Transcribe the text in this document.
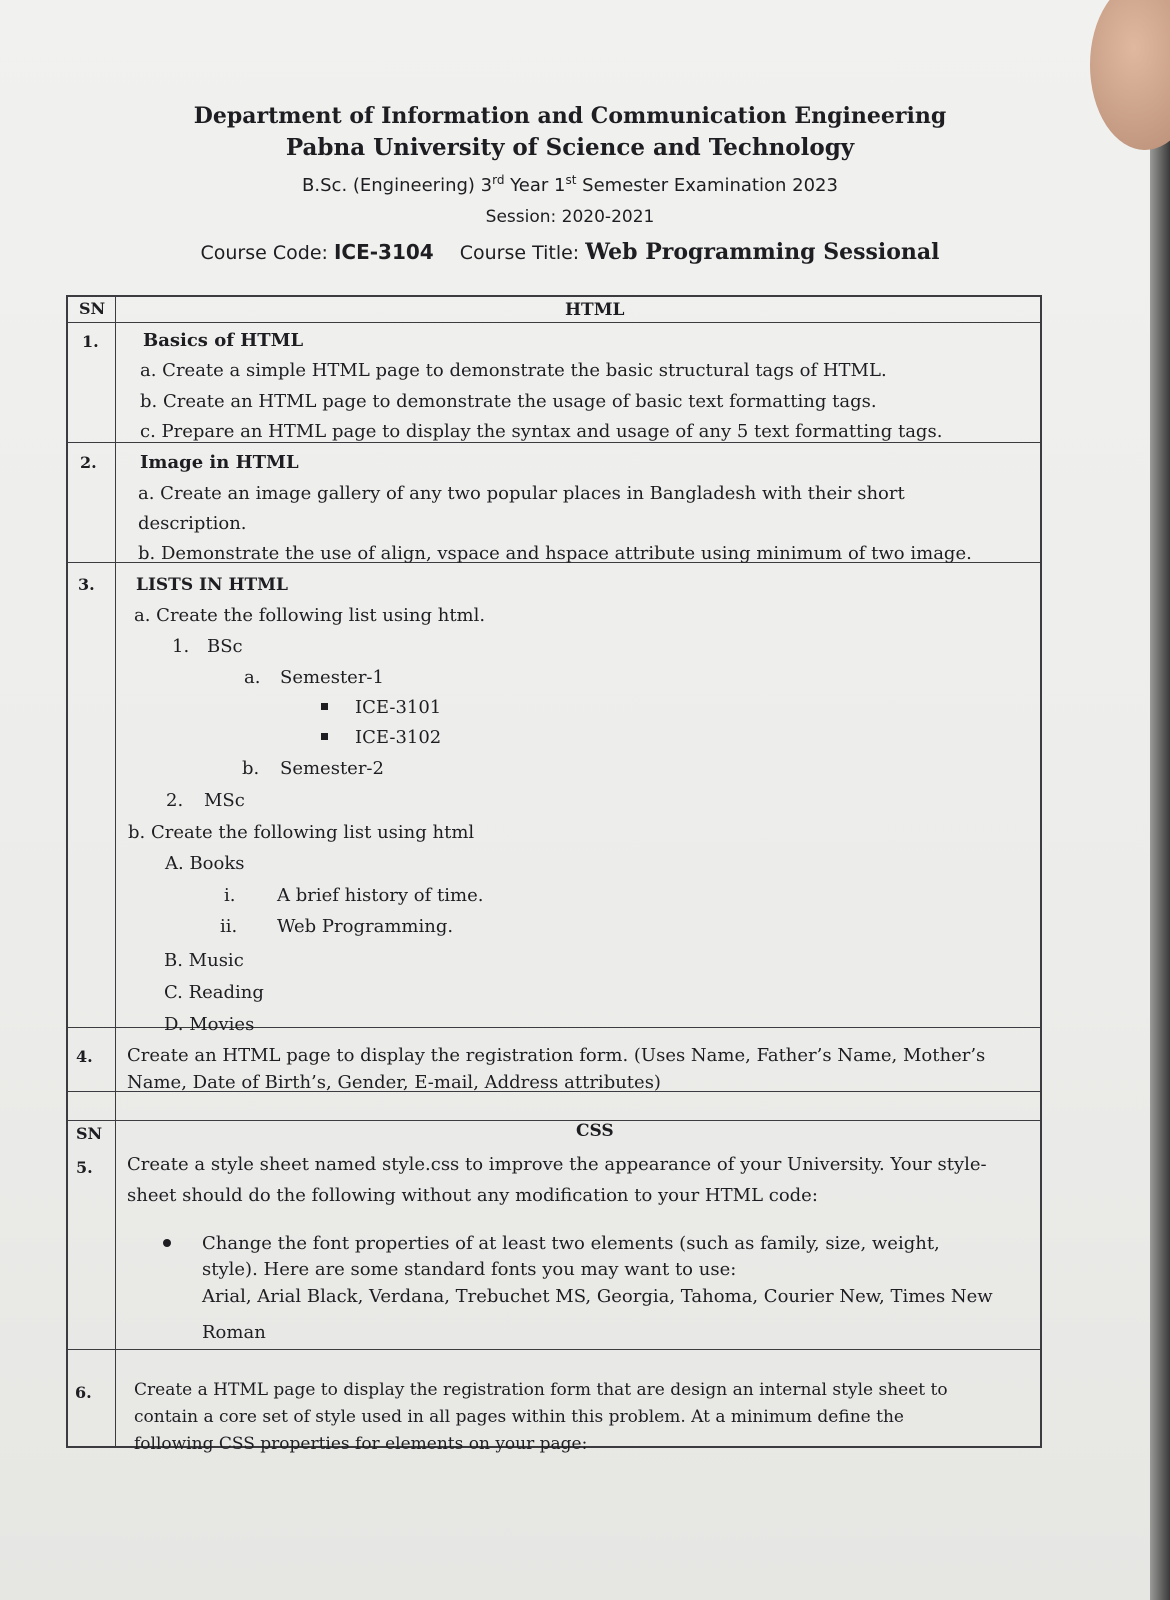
Department of Information and Communication Engineering
Pabna University of Science and Technology
B.Sc. (Engineering) 3rd Year 1st Semester Examination 2023
Session: 2020-2021
Course Code: ICE-3104 Course Title: Web Programming Sessional
SN	HTML
1. Basics of HTML
a. Create a simple HTML page to demonstrate the basic structural tags of HTML.
b. Create an HTML page to demonstrate the usage of basic text formatting tags.
c. Prepare an HTML page to display the syntax and usage of any 5 text formatting tags.
2. Image in HTML
a. Create an image gallery of any two popular places in Bangladesh with their short
description.
b. Demonstrate the use of align, vspace and hspace attribute using minimum of two image.
3. LISTS IN HTML
a. Create the following list using html.
1. BSc
a. Semester-1
ICE-3101
ICE-3102
b. Semester-2
2. MSc
b. Create the following list using html
A. Books
i. A brief history of time.
ii. Web Programming.
B. Music
C. Reading
D. Movies
4. Create an HTML page to display the registration form. (Uses Name, Father’s Name, Mother’s
Name, Date of Birth’s, Gender, E-mail, Address attributes)
SN	CSS
5. Create a style sheet named style.css to improve the appearance of your University. Your style-
sheet should do the following without any modification to your HTML code:
Change the font properties of at least two elements (such as family, size, weight,
style). Here are some standard fonts you may want to use:
Arial, Arial Black, Verdana, Trebuchet MS, Georgia, Tahoma, Courier New, Times New
Roman
6. Create a HTML page to display the registration form that are design an internal style sheet to
contain a core set of style used in all pages within this problem. At a minimum define the
following CSS properties for elements on your page:
